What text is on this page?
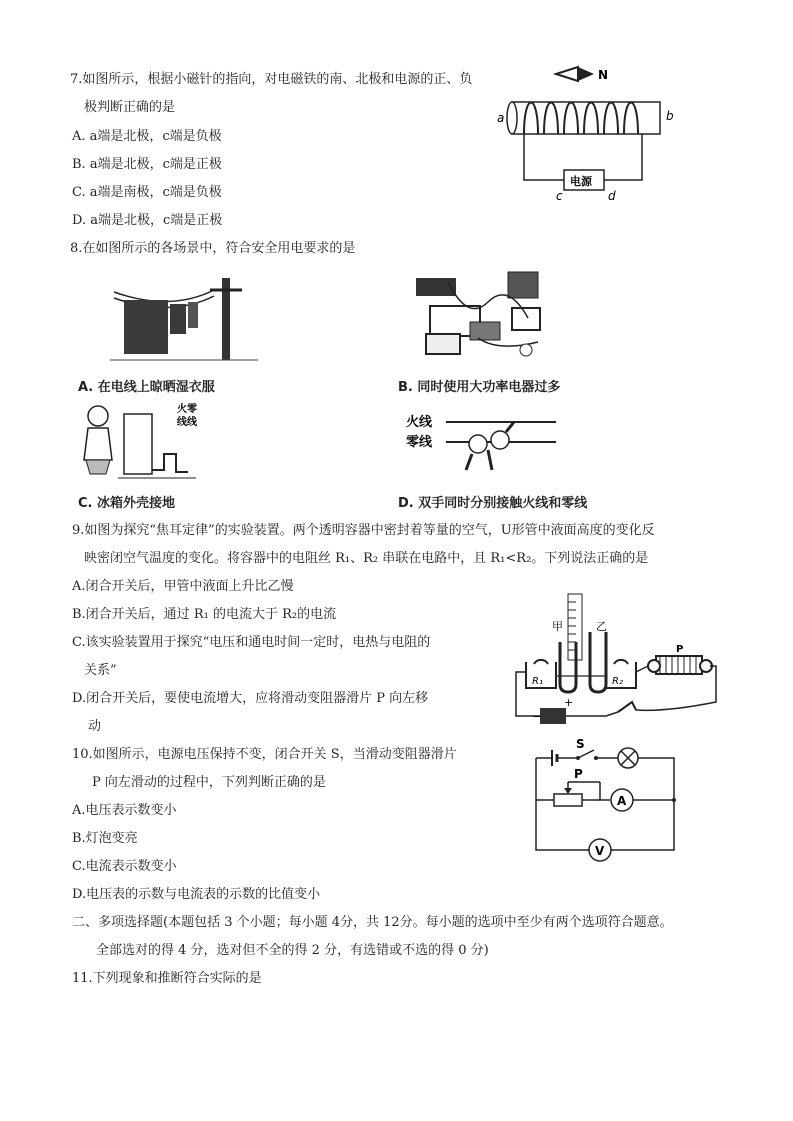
7.如图所示，根据小磁针的指向，对电磁铁的南、北极和电源的正、负
极判断正确的是
A. a端是北极，c端是负极
B. a端是北极，c端是正极
C. a端是南极，c端是负极
D. a端是北极，c端是正极
N
电源
a	b
c	d
8.在如图所示的各场景中，符合安全用电要求的是
A. 在电线上晾晒湿衣服	B. 同时使用大功率电器过多
火零
线线
C. 冰箱外壳接地
火线
零线
D. 双手同时分别接触火线和零线
9.如图为探究“焦耳定律”的实验装置。两个透明容器中密封着等量的空气，U形管中液面高度的变化反
映密闭空气温度的变化。将容器中的电阻丝 R₁、R₂ 串联在电路中，且 R₁<R₂。下列说法正确的是
A.闭合开关后，甲管中液面上升比乙慢
B.闭合开关后，通过 R₁ 的电流大于 R₂的电流
C.该实验装置用于探究“电压和通电时间一定时，电热与电阻的
关系”
D.闭合开关后，要使电流增大，应将滑动变阻器滑片 P 向左移
动
甲	乙
R₁	R₂
P
−
+
10.如图所示，电源电压保持不变，闭合开关 S，当滑动变阻器滑片
P 向左滑动的过程中，下列判断正确的是
A.电压表示数变小
B.灯泡变亮
C.电流表示数变小
D.电压表的示数与电流表的示数的比值变小
S
P
A
V
二、多项选择题(本题包括 3 个小题；每小题 4分，共 12分。每小题的选项中至少有两个选项符合题意。
全部选对的得 4 分，选对但不全的得 2 分，有选错或不选的得 0 分)
11.下列现象和推断符合实际的是
